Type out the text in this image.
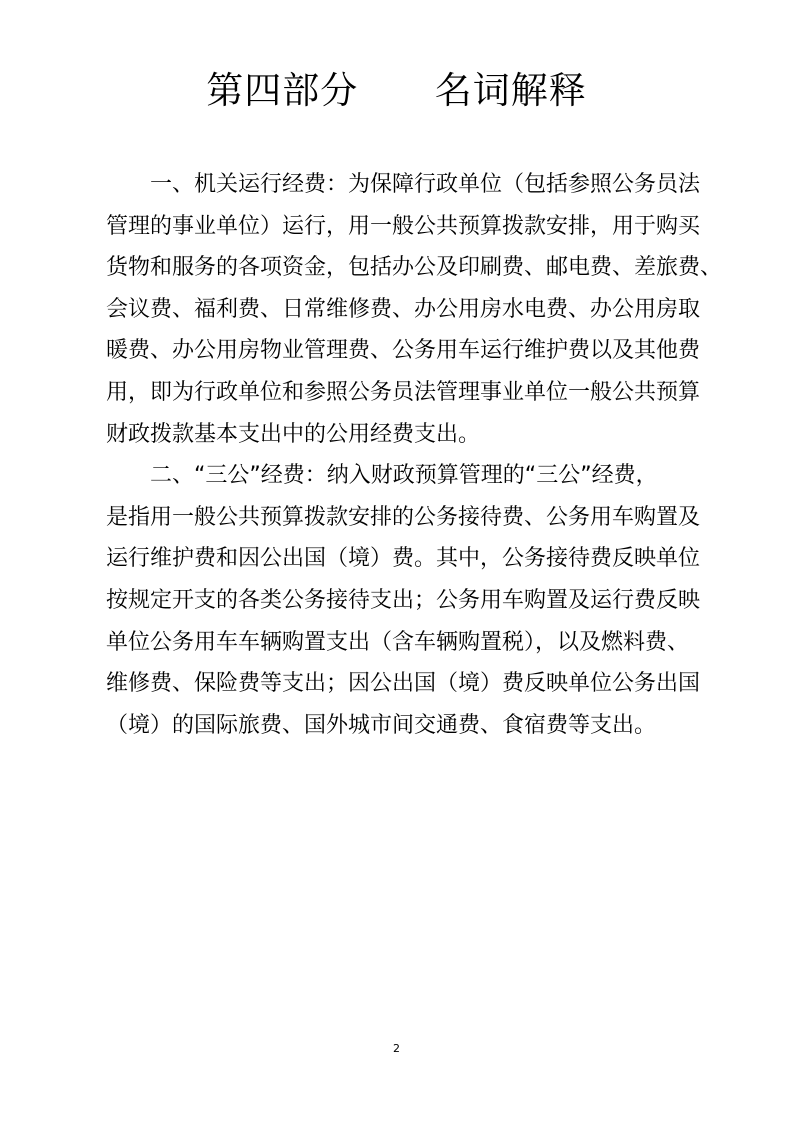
第四部分      名词解释
一、机关运行经费：为保障行政单位（包括参照公务员法
管理的事业单位）运行，用一般公共预算拨款安排，用于购买
货物和服务的各项资金，包括办公及印刷费、邮电费、差旅费、
会议费、福利费、日常维修费、办公用房水电费、办公用房取
暖费、办公用房物业管理费、公务用车运行维护费以及其他费
用，即为行政单位和参照公务员法管理事业单位一般公共预算
财政拨款基本支出中的公用经费支出。
二、“三公”经费：纳入财政预算管理的“三公”经费，
是指用一般公共预算拨款安排的公务接待费、公务用车购置及
运行维护费和因公出国（境）费。其中，公务接待费反映单位
按规定开支的各类公务接待支出；公务用车购置及运行费反映
单位公务用车车辆购置支出（含车辆购置税），以及燃料费、
维修费、保险费等支出；因公出国（境）费反映单位公务出国
（境）的国际旅费、国外城市间交通费、食宿费等支出。
2
